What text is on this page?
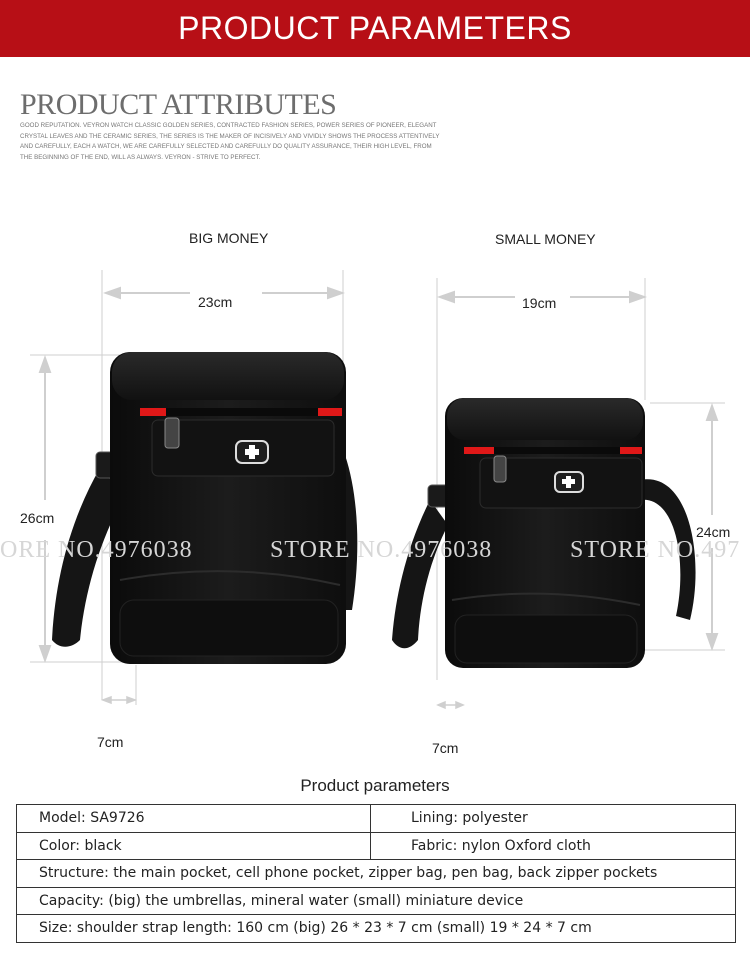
PRODUCT PARAMETERS
PRODUCT ATTRIBUTES
GOOD REPUTATION. VEYRON WATCH CLASSIC GOLDEN SERIES, CONTRACTED FASHION SERIES, POWER SERIES OF PIONEER, ELEGANT CRYSTAL LEAVES AND THE CERAMIC SERIES, THE SERIES IS THE MAKER OF INCISIVELY AND VIVIDLY SHOWS THE PROCESS ATTENTIVELY AND CAREFULLY, EACH A WATCH, WE ARE CAREFULLY SELECTED AND CAREFULLY DO QUALITY ASSURANCE, THEIR HIGH LEVEL, FROM THE BEGINNING OF THE END, WILL AS ALWAYS. VEYRON - STRIVE TO PERFECT.
BIG MONEY	SMALL MONEY
23cm
26cm
7cm
19cm
24cm
7cm
ORE NO.4976038	STORE NO.4976038	STORE NO.497
Product parameters
Model: SA9726	Lining: polyester
Color: black	Fabric: nylon Oxford cloth
Structure: the main pocket, cell phone pocket, zipper bag, pen bag, back zipper pockets	
Capacity: (big) the umbrellas, mineral water (small) miniature device	
Size: shoulder strap length: 160 cm (big) 26 * 23 * 7 cm (small) 19 * 24 * 7 cm	
